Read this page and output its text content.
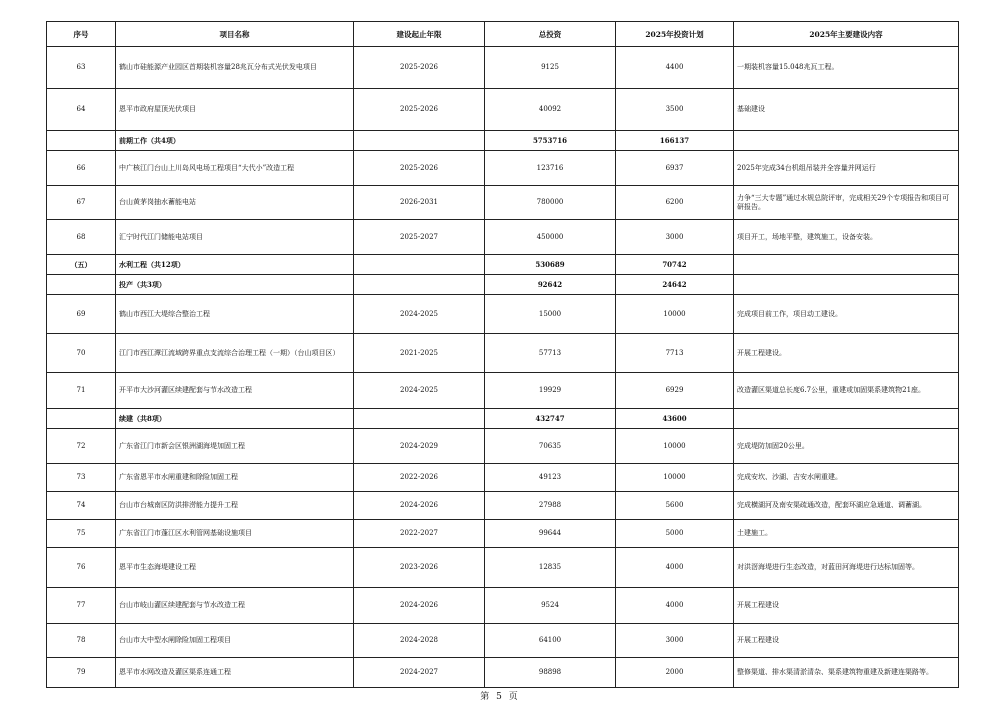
序号	项目名称	建设起止年限	总投资	2025年投资计划	2025年主要建设内容
63	鹤山市硅能源产业园区首期装机容量28兆瓦分布式光伏发电项目	2025-2026	9125	4400	一期装机容量15.048兆瓦工程。
64	恩平市政府屋顶光伏项目	2025-2026	40092	3500	基础建设
	前期工作（共4项）		5753716	166137	
66	中广核江门台山上川岛风电场工程项目“大代小”改造工程	2025-2026	123716	6937	2025年完成34台机组吊装并全容量并网运行
67	台山黄茅岗抽水蓄能电站	2026-2031	780000	6200	力争“三大专题”通过水规总院评审，完成相关29个专项报告和项目可研报告。
68	汇宁时代江门储能电站项目	2025-2027	450000	3000	项目开工，场地平整，建筑施工，设备安装。
（五）	水利工程（共12项）		530689	70742	
	投产（共3项）		92642	24642	
69	鹤山市西江大堤综合整治工程	2024-2025	15000	10000	完成项目前工作，项目动工建设。
70	江门市西江潭江流域跨界重点支流综合治理工程（一期）（台山项目区）	2021-2025	57713	7713	开展工程建设。
71	开平市大沙河灌区续建配套与节水改造工程	2024-2025	19929	6929	改造灌区渠道总长度6.7公里，重建或加固渠系建筑物21座。
	续建（共8项）		432747	43600	
72	广东省江门市新会区银洲湖海堤加固工程	2024-2029	70635	10000	完成堤防加固20公里。
73	广东省恩平市水闸重建和除险加固工程	2022-2026	49123	10000	完成安坎、沙湖、吉安水闸重建。
74	台山市台城南区防洪排涝能力提升工程	2024-2026	27988	5600	完成横湖河及南安渠疏通改造，配套环湖应急通道、调蓄湖。
75	广东省江门市蓬江区水利管网基础设施项目	2022-2027	99644	5000	土建施工。
76	恩平市生态海堤建设工程	2023-2026	12835	4000	对洪滘海堤进行生态改造，对蓝田河海堤进行达标加固等。
77	台山市岐山灌区续建配套与节水改造工程	2024-2026	9524	4000	开展工程建设
78	台山市大中型水闸除险加固工程项目	2024-2028	64100	3000	开展工程建设
79	恩平市水网改造及灌区渠系连通工程	2024-2027	98898	2000	整修渠道、排水渠清淤清杂、渠系建筑物重建及新建连渠路等。
第 5 页
